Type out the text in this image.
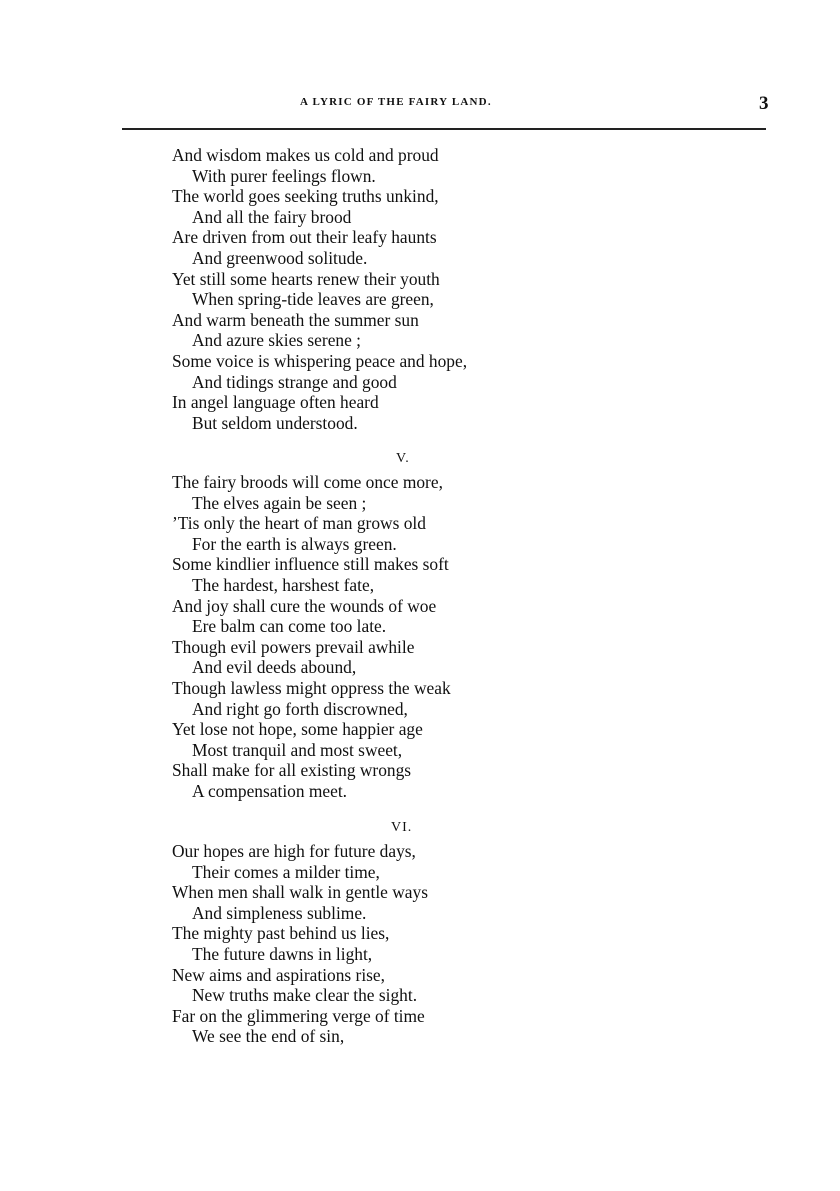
A LYRIC OF THE FAIRY LAND.	3
And wisdom makes us cold and proud
With purer feelings flown.
The world goes seeking truths unkind,
And all the fairy brood
Are driven from out their leafy haunts
And greenwood solitude.
Yet still some hearts renew their youth
When spring-tide leaves are green,
And warm beneath the summer sun
And azure skies serene ;
Some voice is whispering peace and hope,
And tidings strange and good
In angel language often heard
But seldom understood.
V.
The fairy broods will come once more,
The elves again be seen ;
’Tis only the heart of man grows old
For the earth is always green.
Some kindlier influence still makes soft
The hardest, harshest fate,
And joy shall cure the wounds of woe
Ere balm can come too late.
Though evil powers prevail awhile
And evil deeds abound,
Though lawless might oppress the weak
And right go forth discrowned,
Yet lose not hope, some happier age
Most tranquil and most sweet,
Shall make for all existing wrongs
A compensation meet.
VI.
Our hopes are high for future days,
Their comes a milder time,
When men shall walk in gentle ways
And simpleness sublime.
The mighty past behind us lies,
The future dawns in light,
New aims and aspirations rise,
New truths make clear the sight.
Far on the glimmering verge of time
We see the end of sin,
